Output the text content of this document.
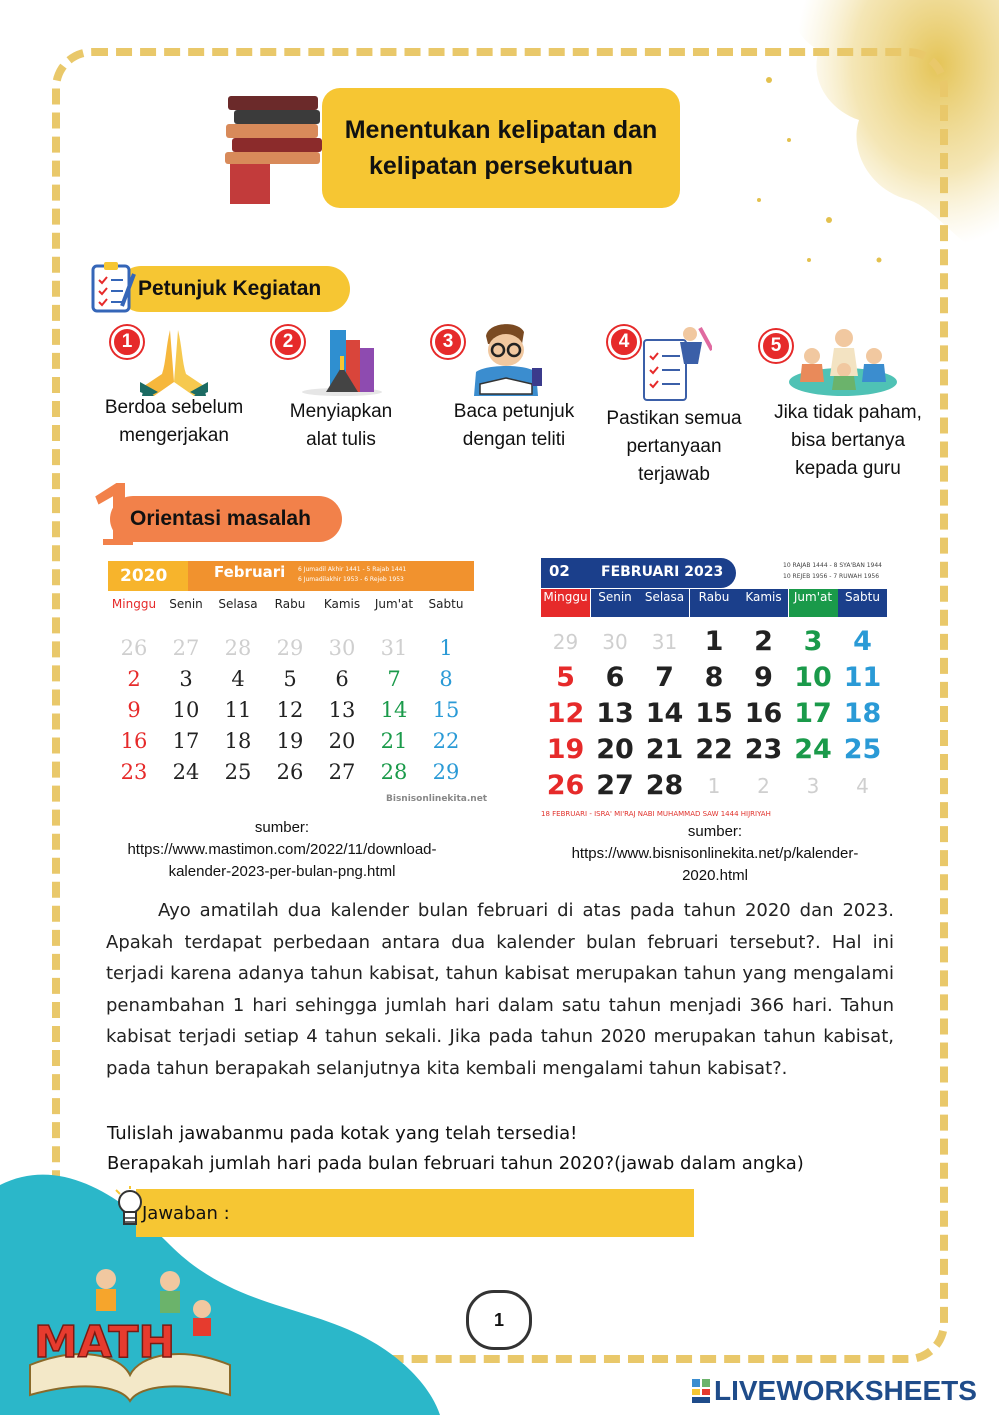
Menentukan kelipatan dan kelipatan persekutuan
Petunjuk Kegiatan
1
Berdoa sebelum mengerjakan
2
Menyiapkan alat tulis
3
Baca petunjuk dengan teliti
4
Pastikan semua pertanyaan terjawab
5
Jika tidak paham, bisa bertanya kepada guru
Orientasi masalah
2020	Februari 6 Jumadil Akhir 1441 - 5 Rajab 1441
6 Jumadilakhir 1953 - 6 Rejeb 1953
Minggu	Senin	Selasa	Rabu	Kamis	Jum'at	Sabtu
26	27	28	29	30	31	1
2	3	4	5	6	7	8
9	10	11	12	13	14	15
16	17	18	19	20	21	22
23	24	25	26	27	28	29
Bisnisonlinekita.net
02	FEBRUARI 2023	10 RAJAB 1444 - 8 SYA'BAN 1944
10 REJEB 1956 - 7 RUWAH 1956
Minggu Senin	Selasa	Rabu	Kamis	Jum'at	Sabtu
29	30	31	1	2	3	4
5	6	7	8	9 10 11
12 13 14 15 16 17 18
19 20 21 22 23 24 25
26 27 28	1	2	3	4
18 FEBRUARI - ISRA' MI'RAJ NABI MUHAMMAD SAW 1444 HIJRIYAH
sumber:
https://www.mastimon.com/2022/11/download-kalender-2023-per-bulan-png.html
sumber:
https://www.bisnisonlinekita.net/p/kalender-2020.html
Ayo amatilah dua kalender bulan februari di atas pada tahun 2020 dan 2023. Apakah terdapat perbedaan antara dua kalender bulan februari tersebut?. Hal ini terjadi karena adanya tahun kabisat, tahun kabisat merupakan tahun yang mengalami penambahan 1 hari sehingga jumlah hari dalam satu tahun menjadi 366 hari. Tahun kabisat terjadi setiap 4 tahun sekali. Jika pada tahun 2020 merupakan tahun kabisat, pada tahun berapakah selanjutnya kita kembali mengalami tahun kabisat?.
Tulislah jawabanmu pada kotak yang telah tersedia!
Berapakah jumlah hari pada bulan februari tahun 2020?(jawab dalam angka)
Jawaban :
MATH	1
LIVEWORKSHEETS
